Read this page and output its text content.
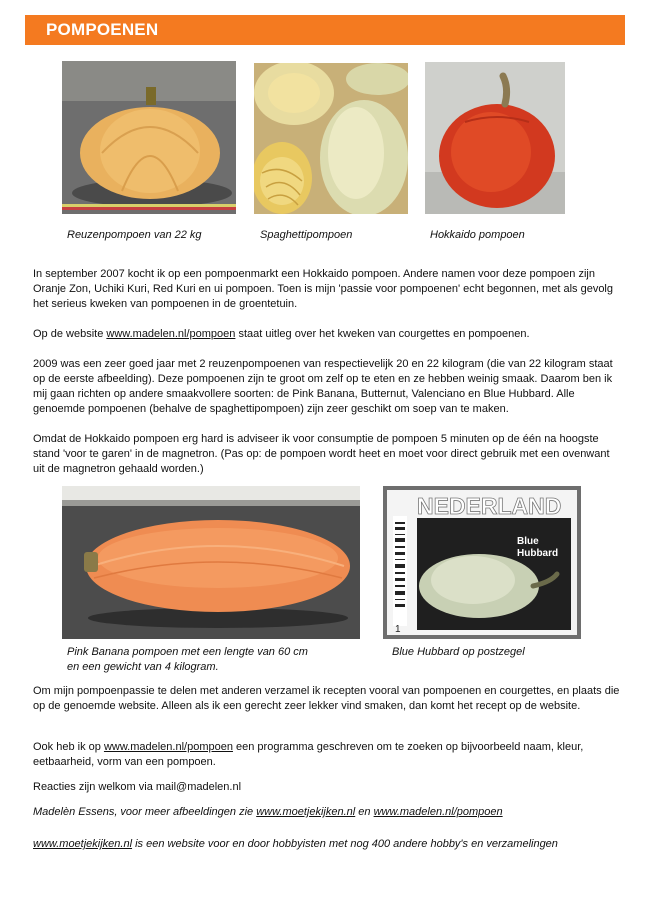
POMPOENEN
Reuzenpompoen van 22 kg	Spaghettipompoen	Hokkaido pompoen
In september 2007 kocht ik op een pompoenmarkt een Hokkaido pompoen. Andere namen voor deze pompoen zijn Oranje Zon, Uchiki Kuri, Red Kuri en ui pompoen. Toen is mijn 'passie voor pompoenen' echt begonnen, met als gevolg het serieus kweken van pompoenen in de groentetuin.
Op de website www.madelen.nl/pompoen staat uitleg over het kweken van courgettes en pompoenen.
2009 was een zeer goed jaar met 2 reuzenpompoenen van respectievelijk 20 en 22 kilogram (die van 22 kilogram staat op de eerste afbeelding). Deze pompoenen zijn te groot om zelf op te eten en ze hebben weinig smaak. Daarom ben ik mij gaan richten op andere smaakvollere soorten: de Pink Banana, Butternut, Valenciano en Blue Hubbard. Alle genoemde pompoenen (behalve de spaghettipompoen) zijn zeer geschikt om soep van te maken.
Omdat de Hokkaido pompoen erg hard is adviseer ik voor consumptie de pompoen 5 minuten op de één na hoogste stand 'voor te garen' in de magnetron. (Pas op: de pompoen wordt heet en moet voor direct gebruik met een ovenwant uit de magnetron gehaald worden.)
NEDERLAND
Blue
Hubbard
1
Pink Banana pompoen met een lengte van 60 cm
en een gewicht van 4 kilogram.
Blue Hubbard op postzegel
Om mijn pompoenpassie te delen met anderen verzamel ik recepten vooral van pompoenen en courgettes, en plaats die op de genoemde website. Alleen als ik een gerecht zeer lekker vind smaken, dan komt het recept op de website.
Ook heb ik op www.madelen.nl/pompoen een programma geschreven om te zoeken op bijvoorbeeld naam, kleur, eetbaarheid, vorm van een pompoen.
Reacties zijn welkom via mail@madelen.nl
Madelèn Essens, voor meer afbeeldingen zie www.moetjekijken.nl en www.madelen.nl/pompoen
www.moetjekijken.nl is een website voor en door hobbyisten met nog 400 andere hobby's en verzamelingen
